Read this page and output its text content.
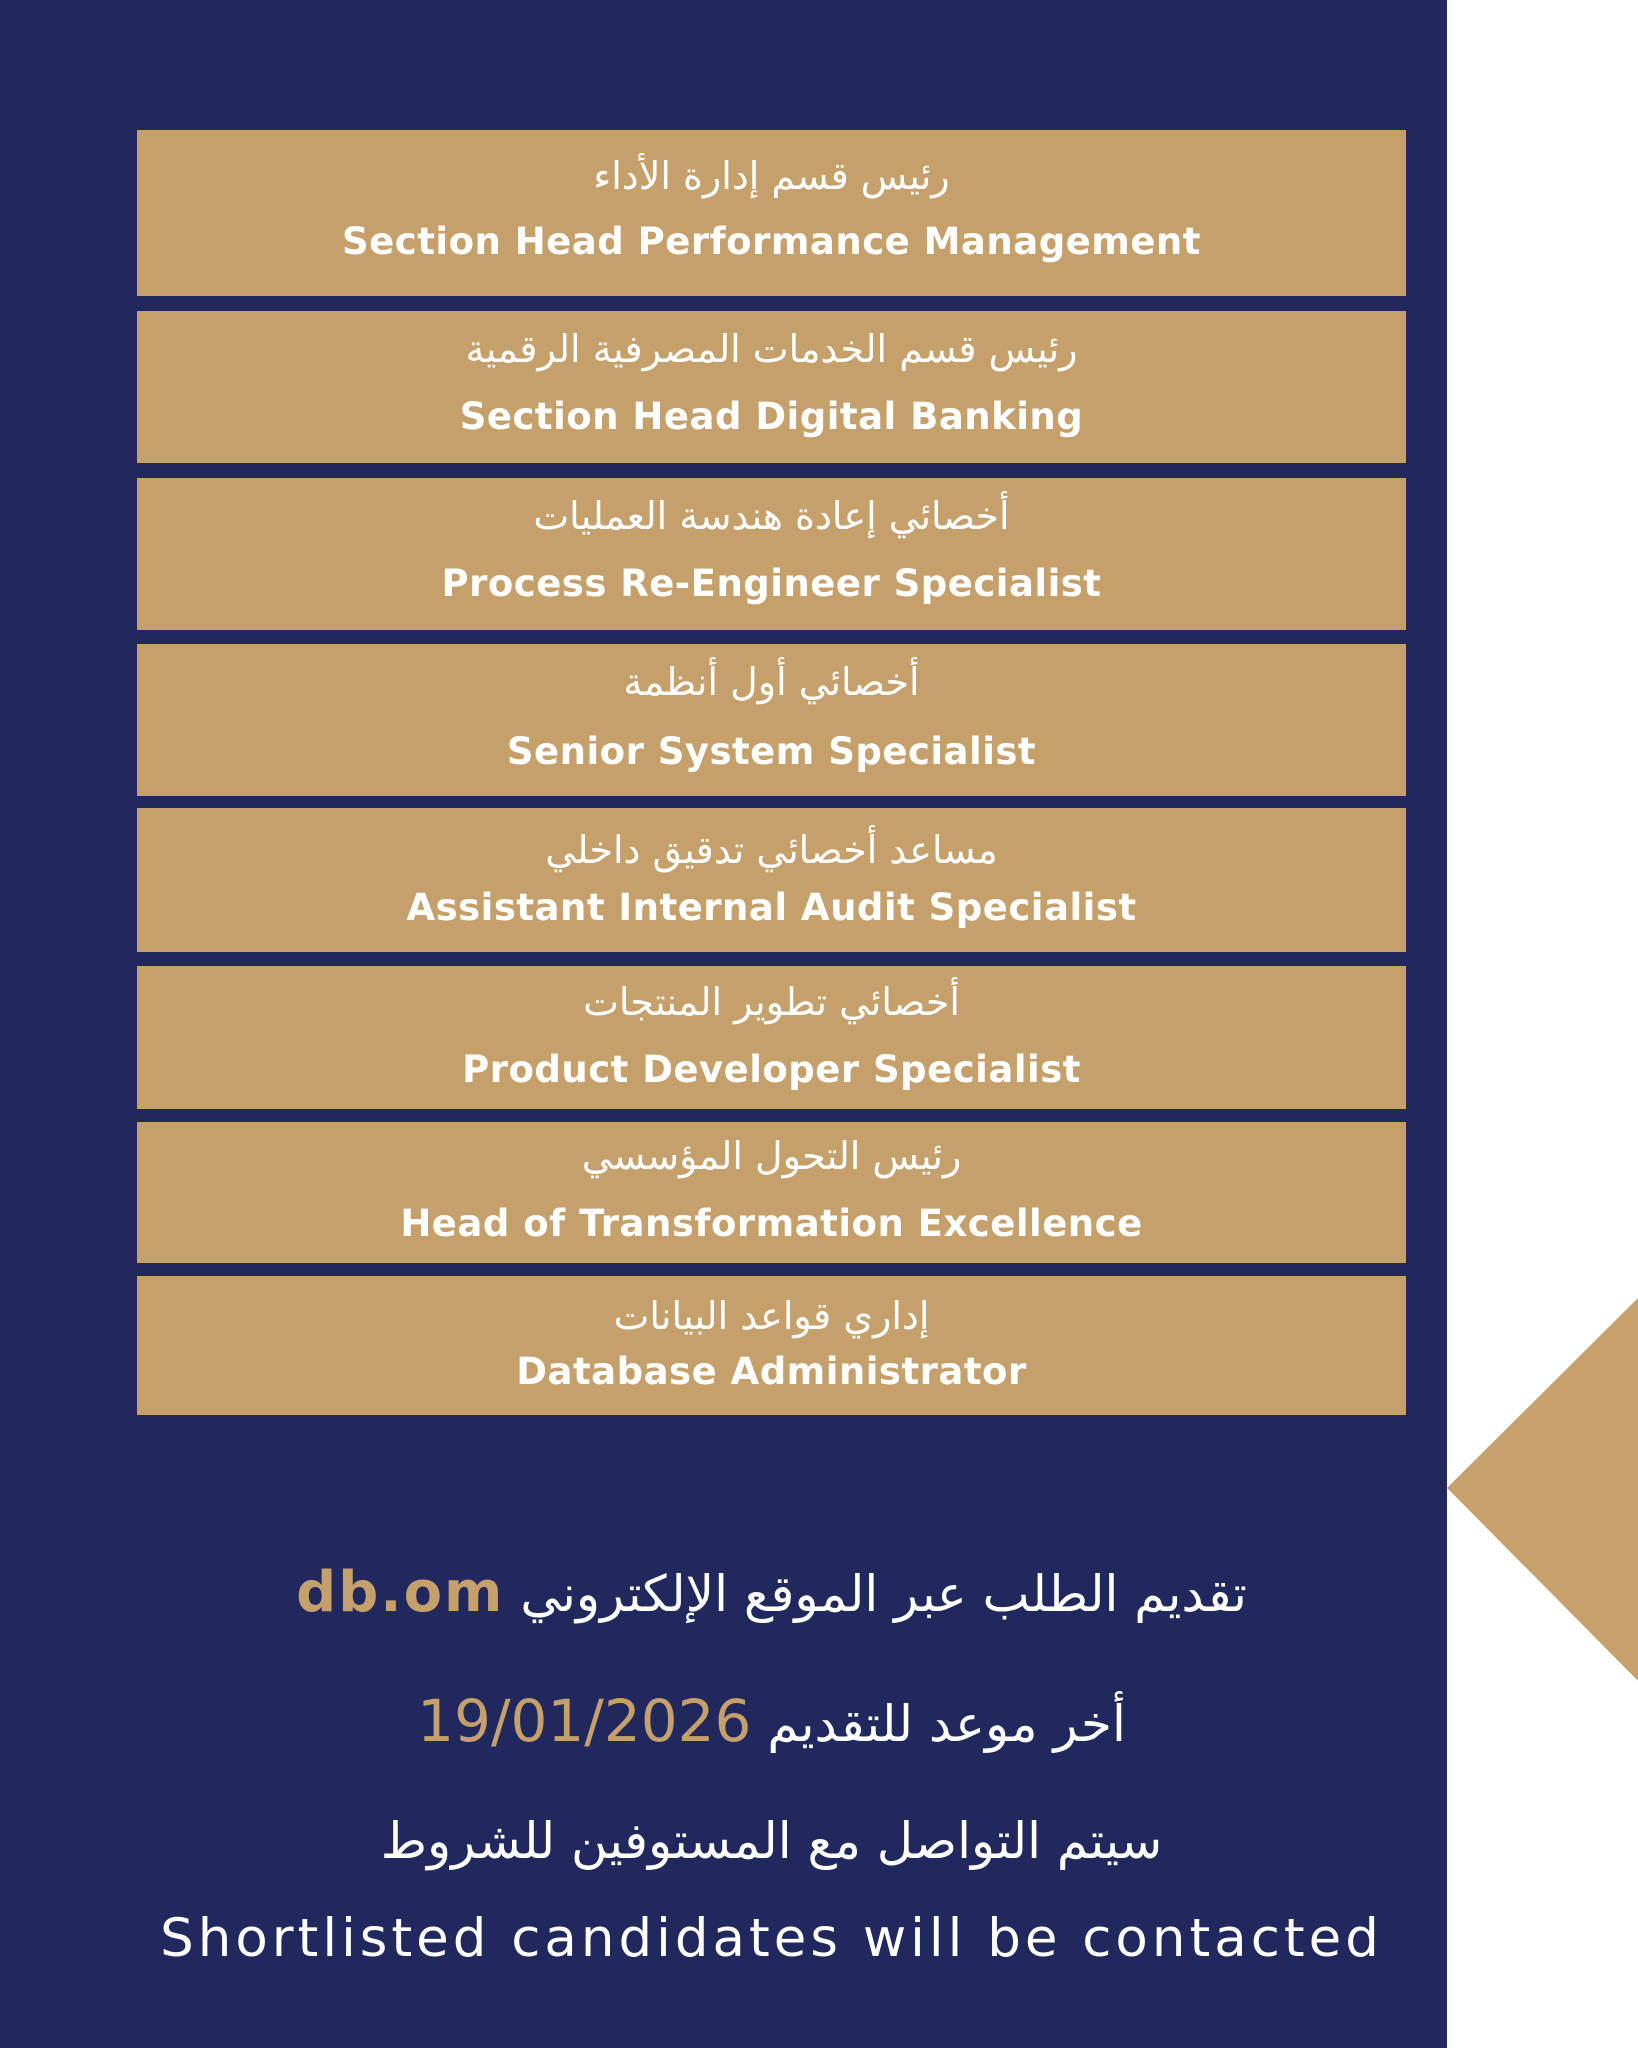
رئيس قسم إدارة الأداء
Section Head Performance Management
رئيس قسم الخدمات المصرفية الرقمية
Section Head Digital Banking
أخصائي إعادة هندسة العمليات
Process Re-Engineer Specialist
أخصائي أول أنظمة
Senior System Specialist
مساعد أخصائي تدقيق داخلي
Assistant Internal Audit Specialist
أخصائي تطوير المنتجات
Product Developer Specialist
رئيس التحول المؤسسي
Head of Transformation Excellence
إداري قواعد البيانات
Database Administrator
db.om تقديم الطلب عبر الموقع الإلكتروني
19/01/2026 أخر موعد للتقديم
سيتم التواصل مع المستوفين للشروط
Shortlisted candidates will be contacted
